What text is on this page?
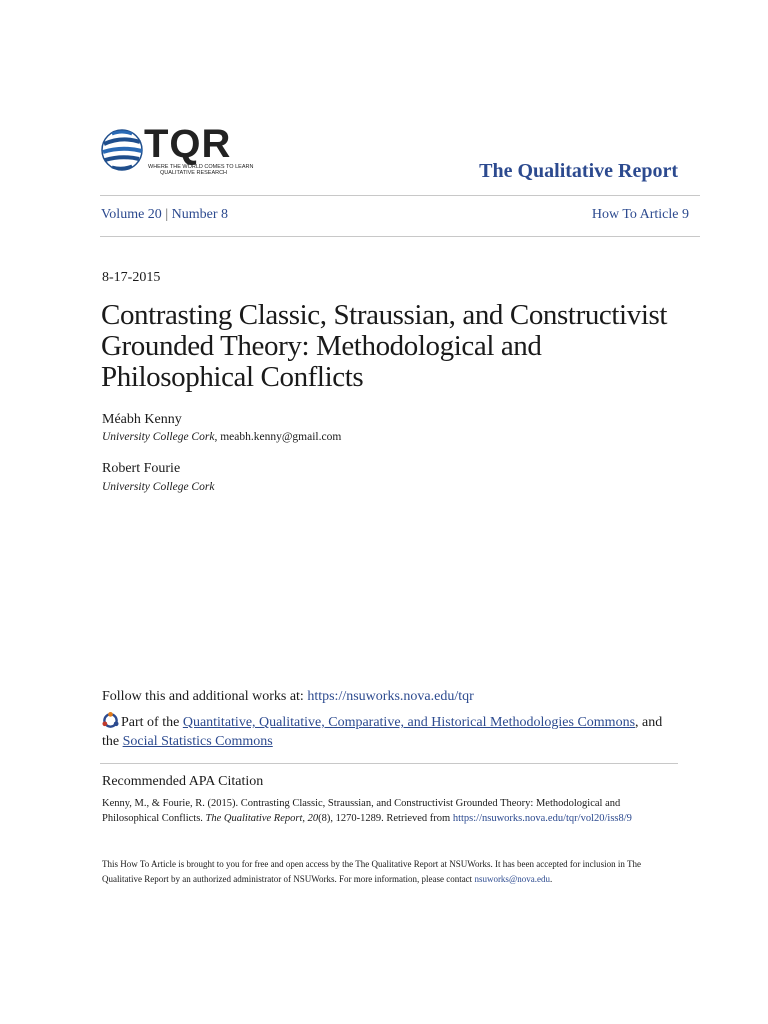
TQR
WHERE THE WORLD COMES TO LEARN
QUALITATIVE RESEARCH	The Qualitative Report
Volume 20 | Number 8	How To Article 9
8-17-2015
Contrasting Classic, Straussian, and Constructivist Grounded Theory: Methodological and Philosophical Conflicts
Méabh Kenny
University College Cork, meabh.kenny@gmail.com
Robert Fourie
University College Cork
Follow this and additional works at: https://nsuworks.nova.edu/tqr
Part of the Quantitative, Qualitative, Comparative, and Historical Methodologies Commons, and
the Social Statistics Commons
Recommended APA Citation
Kenny, M., & Fourie, R. (2015). Contrasting Classic, Straussian, and Constructivist Grounded Theory: Methodological and
Philosophical Conflicts. The Qualitative Report, 20(8), 1270-1289. Retrieved from https://nsuworks.nova.edu/tqr/vol20/iss8/9
This How To Article is brought to you for free and open access by the The Qualitative Report at NSUWorks. It has been accepted for inclusion in The Qualitative Report by an authorized administrator of NSUWorks. For more information, please contact nsuworks@nova.edu.
